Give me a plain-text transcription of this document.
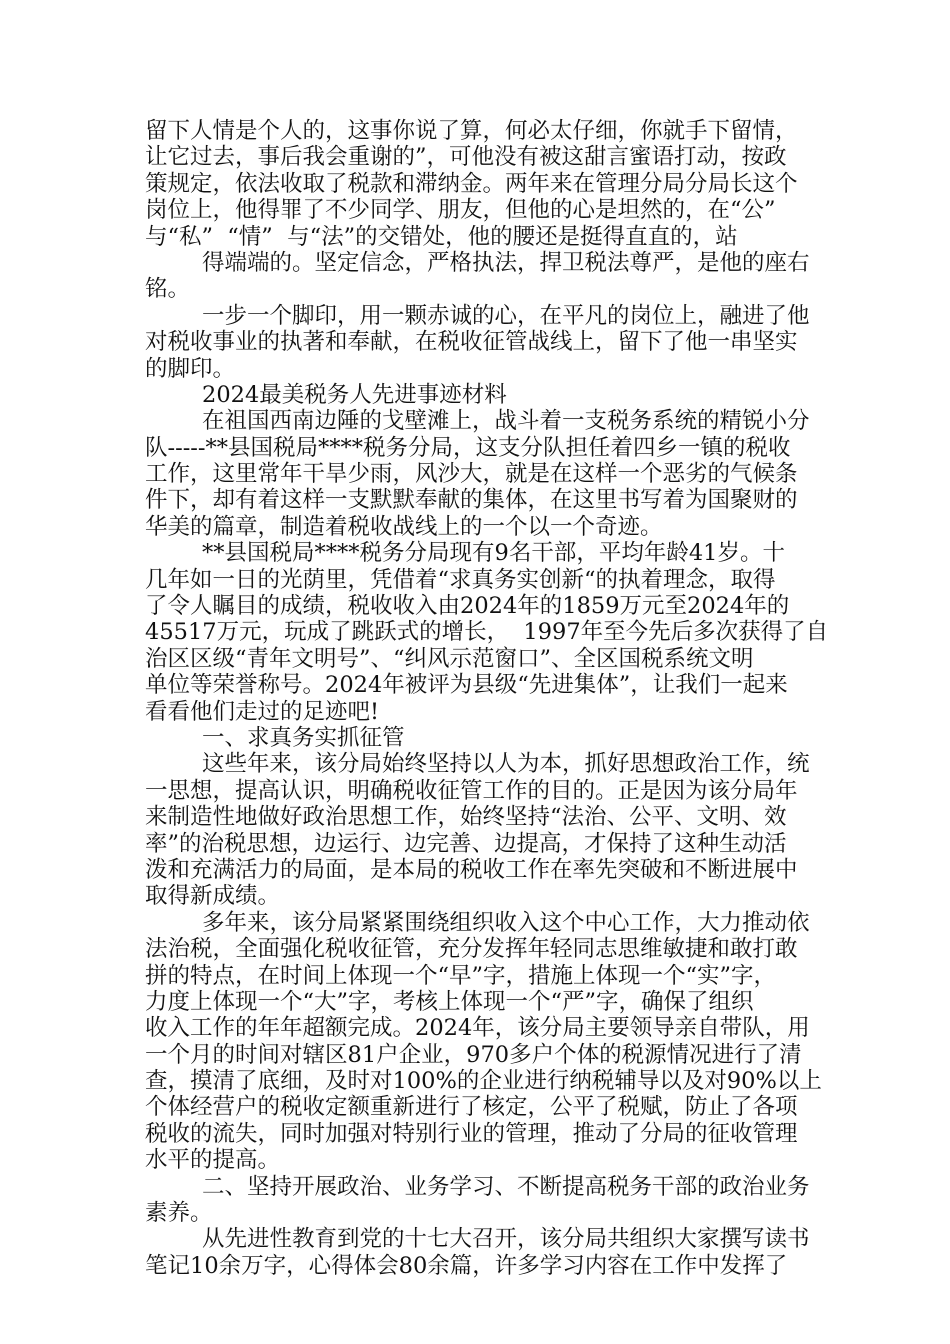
留下人情是个人的，这事你说了算，何必太仔细，你就手下留情，
让它过去，事后我会重谢的”，可他没有被这甜言蜜语打动，按政
策规定，依法收取了税款和滞纳金。两年来在管理分局分局长这个
岗位上，他得罪了不少同学、朋友，但他的心是坦然的，在“公”
与“私”  “情”  与“法”的交错处，他的腰还是挺得直直的，站
得端端的。坚定信念，严格执法，捍卫税法尊严，是他的座右
铭。
一步一个脚印，用一颗赤诚的心，在平凡的岗位上，融进了他
对税收事业的执著和奉献，在税收征管战线上，留下了他一串坚实
的脚印。
2024最美税务人先进事迹材料
在祖国西南边陲的戈壁滩上，战斗着一支税务系统的精锐小分
队-----**县国税局****税务分局，这支分队担任着四乡一镇的税收
工作，这里常年干旱少雨，风沙大，就是在这样一个恶劣的气候条
件下，却有着这样一支默默奉献的集体，在这里书写着为国聚财的
华美的篇章，制造着税收战线上的一个以一个奇迹。
**县国税局****税务分局现有9名干部，平均年龄41岁。十
几年如一日的光荫里，凭借着“求真务实创新“的执着理念，取得
了令人瞩目的成绩，税收收入由2024年的1859万元至2024年的
45517万元，玩成了跳跃式的增长，  1997年至今先后多次获得了自
治区区级“青年文明号”、“纠风示范窗口”、全区国税系统文明
单位等荣誉称号。2024年被评为县级“先进集体”，让我们一起来
看看他们走过的足迹吧!
一、求真务实抓征管
这些年来，该分局始终坚持以人为本，抓好思想政治工作，统
一思想，提高认识，明确税收征管工作的目的。正是因为该分局年
来制造性地做好政治思想工作，始终坚持“法治、公平、文明、效
率”的治税思想，边运行、边完善、边提高，才保持了这种生动活
泼和充满活力的局面，是本局的税收工作在率先突破和不断进展中
取得新成绩。
多年来，该分局紧紧围绕组织收入这个中心工作，大力推动依
法治税，全面强化税收征管，充分发挥年轻同志思维敏捷和敢打敢
拼的特点，在时间上体现一个“早”字，措施上体现一个“实”字，
力度上体现一个“大”字，考核上体现一个“严”字，确保了组织
收入工作的年年超额完成。2024年，该分局主要领导亲自带队，用
一个月的时间对辖区81户企业，970多户个体的税源情况进行了清
查，摸清了底细，及时对100%的企业进行纳税辅导以及对90%以上
个体经营户的税收定额重新进行了核定，公平了税赋，防止了各项
税收的流失，同时加强对特别行业的管理，推动了分局的征收管理
水平的提高。
二、坚持开展政治、业务学习、不断提高税务干部的政治业务
素养。
从先进性教育到党的十七大召开，该分局共组织大家撰写读书
笔记10余万字，心得体会80余篇，许多学习内容在工作中发挥了
